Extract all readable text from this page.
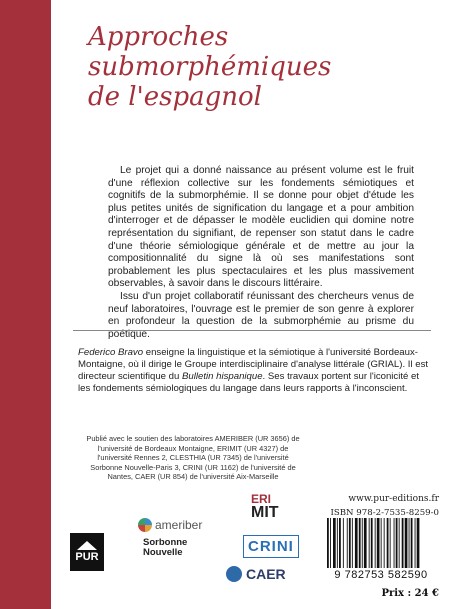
Approches
submorphémiques
de l'espagnol

Le projet qui a donné naissance au présent volume est le fruit d'une réflexion collective sur les fondements sémiotiques et cognitifs de la submorphémie. Il se donne pour objet d'étude les plus petites unités de signification du langage et a pour ambition d'interroger et de dépasser le modèle euclidien qui domine notre représentation du signifiant, de repenser son statut dans le cadre d'une théorie sémiologique générale et de mettre au jour la compositionnalité du signe là où ses manifestations sont probablement les plus spectaculaires et les plus massivement observables, à savoir dans le discours littéraire.

Issu d'un projet collaboratif réunissant des chercheurs venus de neuf laboratoires, l'ouvrage est le premier de son genre à explorer en profondeur la question de la submorphémie au prisme du poétique.

Federico Bravo enseigne la linguistique et la sémiotique à l'université Bordeaux-Montaigne, où il dirige le Groupe interdisciplinaire d'analyse littérale (GRIAL). Il est directeur scientifique du Bulletin hispanique. Ses travaux portent sur l'iconicité et les fondements sémiologiques du langage dans leurs rapports à l'inconscient.

Publié avec le soutien des laboratoires AMERIBER (UR 3656) de l'université de Bordeaux Montaigne, ERIMIT (UR 4327) de l'université Rennes 2, CLESTHIA (UR 7345) de l'université Sorbonne Nouvelle-Paris 3, CRINI (UR 1162) de l'université de Nantes, CAER (UR 854) de l'université Aix-Marseille

ERI
MIT
ameriber
Sorbonne
Nouvelle	CRINI
CAER
PUR
www.pur-editions.fr
ISBN 978-2-7535-8259-0
9 782753 582590
Prix : 24 €
